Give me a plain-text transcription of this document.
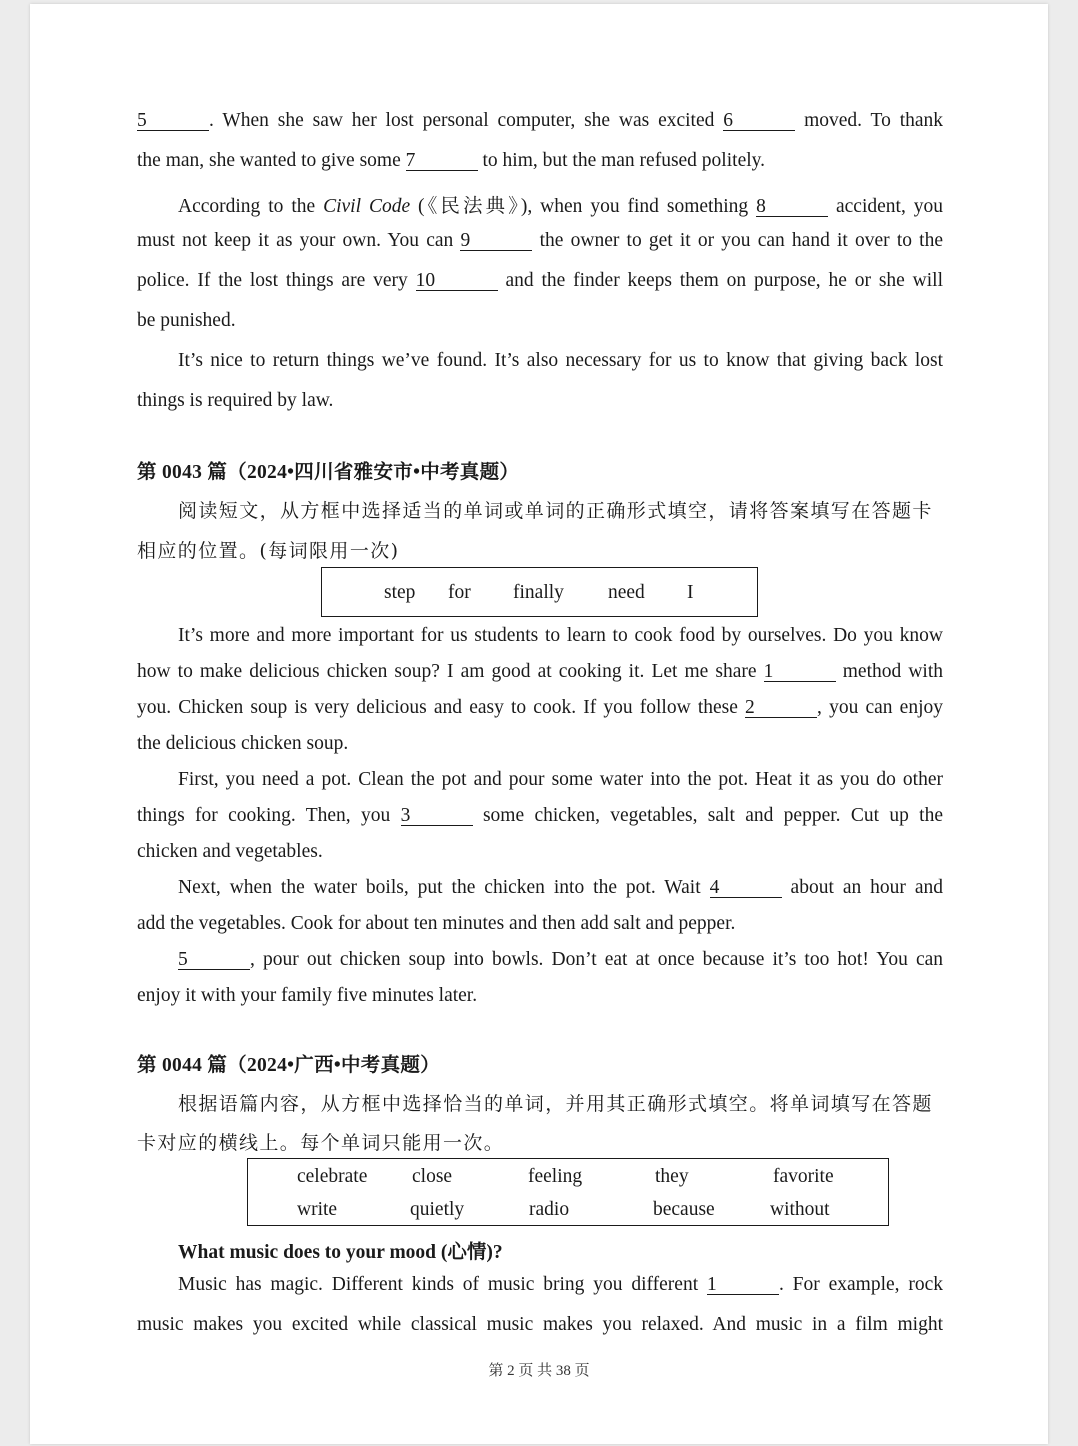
5	. When she saw her lost personal computer, she was excited 6	moved. To thank
the man, she wanted to give some 7	to him, but the man refused politely.
According to the Civil Code (《民法典》), when you find something 8	accident, you
must not keep it as your own. You can 9	the owner to get it or you can hand it over to the
police. If the lost things are very 10	and the finder keeps them on purpose, he or she will
be punished.
It’s nice to return things we’ve found. It’s also necessary for us to know that giving back lost
things is required by law.
第 0043 篇（2024•四川省雅安市•中考真题）
阅读短文，从方框中选择适当的单词或单词的正确形式填空，请将答案填写在答题卡
相应的位置。(每词限用一次)
step for finally need I
It’s more and more important for us students to learn to cook food by ourselves. Do you know
how to make delicious chicken soup? I am good at cooking it. Let me share 1	method with
you. Chicken soup is very delicious and easy to cook. If you follow these 2	, you can enjoy
the delicious chicken soup.
First, you need a pot. Clean the pot and pour some water into the pot. Heat it as you do other
things for cooking. Then, you 3	some chicken, vegetables, salt and pepper. Cut up the
chicken and vegetables.
Next, when the water boils, put the chicken into the pot. Wait 4	about an hour and
add the vegetables. Cook for about ten minutes and then add salt and pepper.
5	, pour out chicken soup into bowls. Don’t eat at once because it’s too hot! You can
enjoy it with your family five minutes later.
第 0044 篇（2024•广西•中考真题）
根据语篇内容，从方框中选择恰当的单词，并用其正确形式填空。将单词填写在答题
卡对应的横线上。每个单词只能用一次。
celebrate close	feeling	they	favorite
write	quietly	radio	because	without
What music does to your mood (心情)?
Music has magic. Different kinds of music bring you different 1	. For example, rock
music makes you excited while classical music makes you relaxed. And music in a film might
第 2 页 共 38 页
